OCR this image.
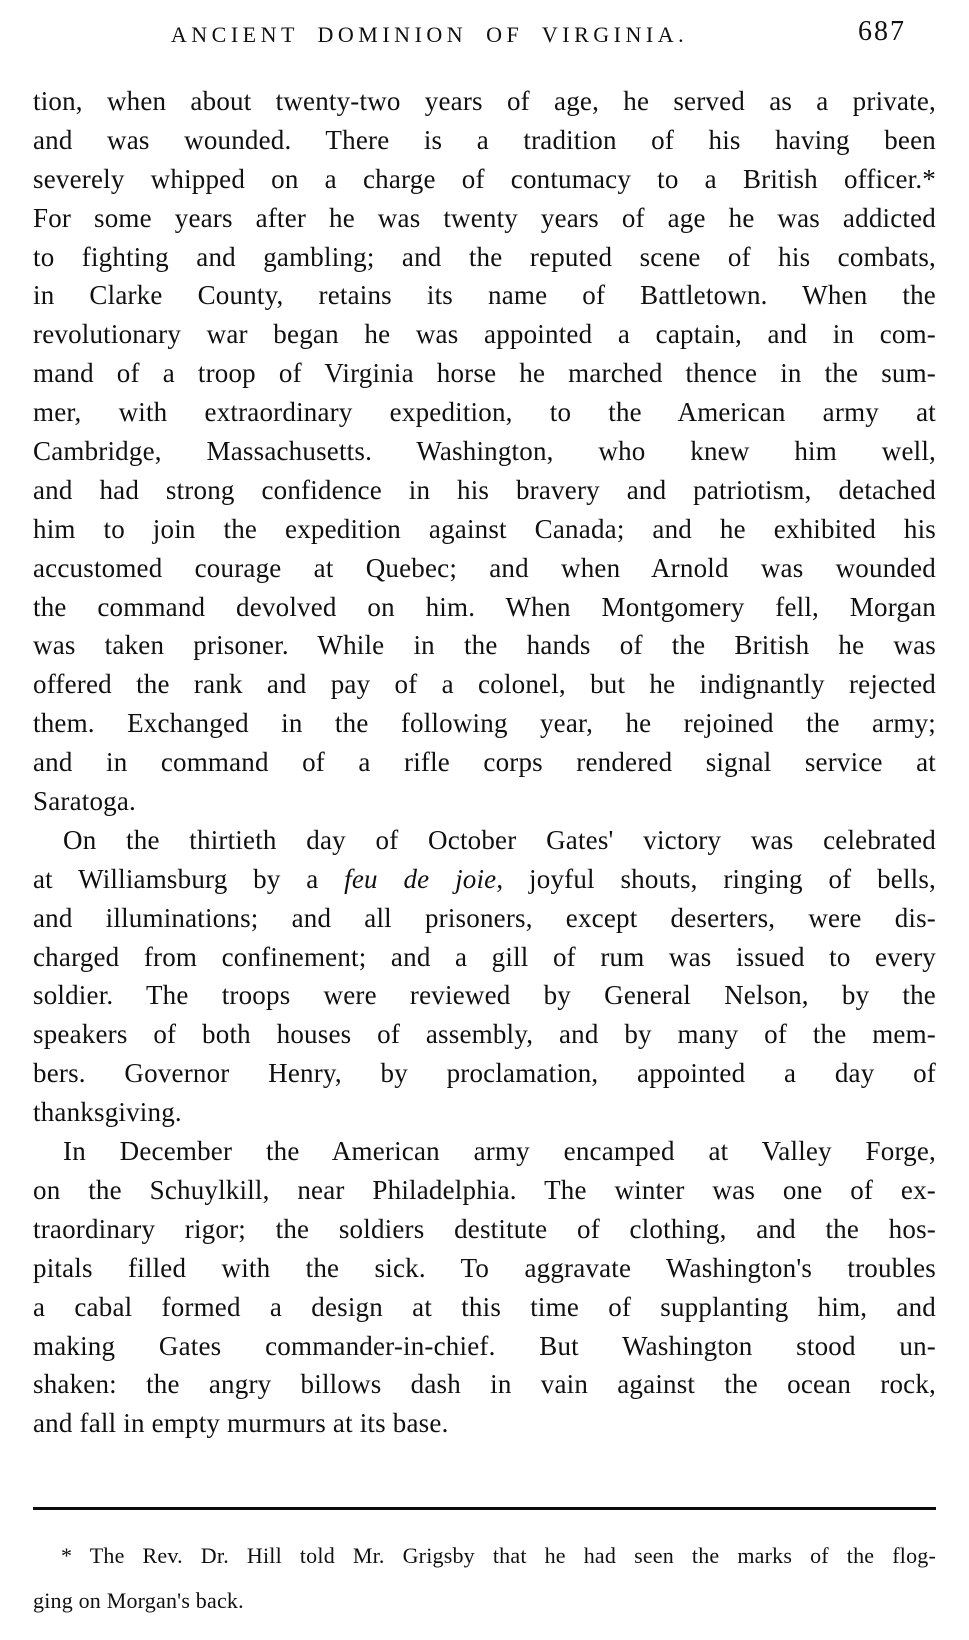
ANCIENT DOMINION OF VIRGINIA.	687
tion, when about twenty-two years of age, he served as a private,
and was wounded. There is a tradition of his having been
severely whipped on a charge of contumacy to a British officer.*
For some years after he was twenty years of age he was addicted
to fighting and gambling; and the reputed scene of his combats,
in Clarke County, retains its name of Battletown. When the
revolutionary war began he was appointed a captain, and in com-
mand of a troop of Virginia horse he marched thence in the sum-
mer, with extraordinary expedition, to the American army at
Cambridge, Massachusetts. Washington, who knew him well,
and had strong confidence in his bravery and patriotism, detached
him to join the expedition against Canada; and he exhibited his
accustomed courage at Quebec; and when Arnold was wounded
the command devolved on him. When Montgomery fell, Morgan
was taken prisoner. While in the hands of the British he was
offered the rank and pay of a colonel, but he indignantly rejected
them. Exchanged in the following year, he rejoined the army;
and in command of a rifle corps rendered signal service at
Saratoga.
On the thirtieth day of October Gates' victory was celebrated
at Williamsburg by a feu de joie, joyful shouts, ringing of bells,
and illuminations; and all prisoners, except deserters, were dis-
charged from confinement; and a gill of rum was issued to every
soldier. The troops were reviewed by General Nelson, by the
speakers of both houses of assembly, and by many of the mem-
bers. Governor Henry, by proclamation, appointed a day of
thanksgiving.
In December the American army encamped at Valley Forge,
on the Schuylkill, near Philadelphia. The winter was one of ex-
traordinary rigor; the soldiers destitute of clothing, and the hos-
pitals filled with the sick. To aggravate Washington's troubles
a cabal formed a design at this time of supplanting him, and
making Gates commander-in-chief. But Washington stood un-
shaken: the angry billows dash in vain against the ocean rock,
and fall in empty murmurs at its base.
* The Rev. Dr. Hill told Mr. Grigsby that he had seen the marks of the flog-
ging on Morgan's back.
